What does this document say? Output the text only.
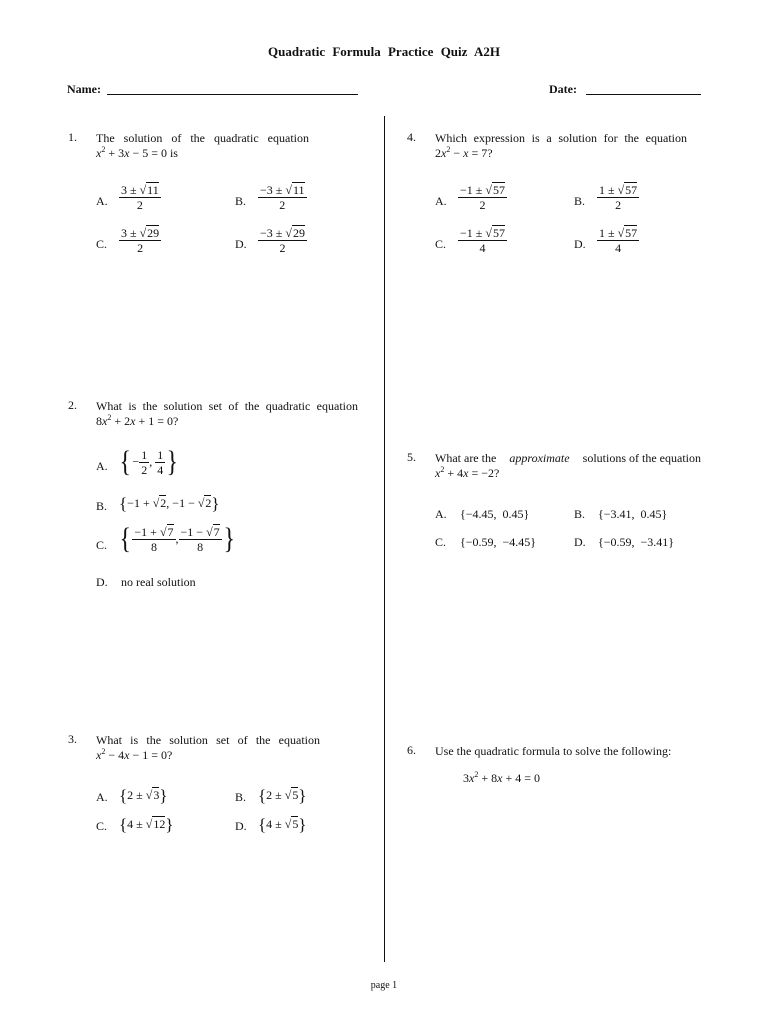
Quadratic Formula Practice Quiz A2H
Name:	Date:
1. The solution of the quadratic equation
$x^2 + 3x - 5 = 0$ is
A. $\frac{3 \pm √11}{2}$	B. $\frac{-3 \pm √11}{2}$
C. $\frac{3 \pm √29}{2}$	D. $\frac{-3 \pm √29}{2}$
2. What is the solution set of the quadratic equation
$8x^2 + 2x + 1 = 0$?
A. {− $\frac{1}{2}$ , $\frac{1}{4}$ }
B. {−1 + √2, −1 − √2}
C. { $\frac{-1 + √7}{8}$ , $\frac{-1 - √7}{8}$ }
D. no real solution
3. What is the solution set of the equation
$x^2 - 4x - 1 = 0$?
A. {2 ± √3}	B. {2 ± √5}
C. {4 ± √12}	D. {4 ± √5}
4. Which expression is a solution for the equation
$2x^2 - x = 7$?
A. $\frac{-1 \pm √57}{2}$	B. $\frac{1 \pm √57}{2}$
C. $\frac{-1 \pm √57}{4}$	D. $\frac{1 \pm √57}{4}$
5. What are the approximate solutions of the equation
$x^2 + 4x = -2$?
A. {−4.45,  0.45}	B. {−3.41,  0.45}
C. {−0.59,  −4.45}	D. {−0.59,  −3.41}
6. Use the quadratic formula to solve the following:
$3x^2 + 8x + 4 = 0$
page 1
